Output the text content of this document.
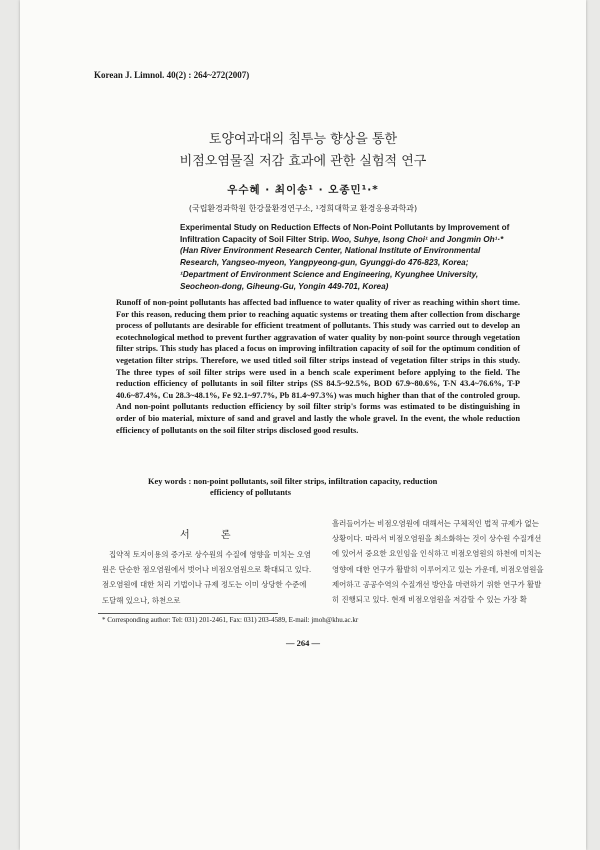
Korean J. Limnol. 40(2) : 264~272(2007)
토양여과대의 침투능 향상을 통한
비점오염물질 저감 효과에 관한 실험적 연구
우수혜 · 최이송¹ · 오종민¹·*
(국립환경과학원 한강물환경연구소, ¹경희대학교 환경응용과학과)
Experimental Study on Reduction Effects of Non-Point Pollutants by Improvement of Infiltration Capacity of Soil Filter Strip. Woo, Suhye, Isong Choi¹ and Jongmin Oh¹·* (Han River Environment Research Center, National Institute of Environmental Research, Yangseo-myeon, Yangpyeong-gun, Gyunggi-do 476-823, Korea; ¹Department of Environment Science and Engineering, Kyunghee University, Seocheon-dong, Giheung-Gu, Yongin 449-701, Korea)
Runoff of non-point pollutants has affected bad influence to water quality of river as reaching within short time. For this reason, reducing them prior to reaching aquatic systems or treating them after collection from discharge process of pollutants are desirable for efficient treatment of pollutants. This study was carried out to develop an ecotechnological method to prevent further aggravation of water quality by non-point source through vegetation filter strips. This study has placed a focus on improving infiltration capacity of soil for the optimum condition of vegetation filter strips. Therefore, we used titled soil filter strips instead of vegetation filter strips in this study. The three types of soil filter strips were used in a bench scale experiment before applying to the field. The reduction efficiency of pollutants in soil filter strips (SS 84.5~92.5%, BOD 67.9~80.6%, T-N 43.4~76.6%, T-P 40.6~87.4%, Cu 28.3~48.1%, Fe 92.1~97.7%, Pb 81.4~97.3%) was much higher than that of the controled group. And non-point pollutants reduction efficiency by soil filter strip's forms was estimated to be distinguishing in order of bio material, mixture of sand and gravel and lastly the whole gravel. In the event, the whole reduction efficiency of pollutants on the soil filter strips disclosed good results.
Key words : non-point pollutants, soil filter strips, infiltration capacity, reduction
efficiency of pollutants
서 론
집약적 토지이용의 증가로 상수원의 수질에 영향을 미치는 오염원은 단순한 점오염원에서 벗어나 비점오염원으로 확대되고 있다. 점오염원에 대한 처리 기법이나 규제 정도는 이미 상당한 수준에 도달해 있으나, 하천으로
흘러들어가는 비점오염원에 대해서는 구체적인 법적 규제가 없는 상황이다. 따라서 비점오염원을 최소화하는 것이 상수원 수질개선에 있어서 중요한 요인임을 인식하고 비점오염원의 하천에 미치는 영향에 대한 연구가 활발히 이루어지고 있는 가운데, 비점오염원을 제어하고 공공수역의 수질개선 방안을 마련하기 위한 연구가 활발히 진행되고 있다. 현재 비점오염원을 저감할 수 있는 가장 확
* Corresponding author: Tel: 031) 201-2461, Fax: 031) 203-4589, E-mail: jmoh@khu.ac.kr
— 264 —
